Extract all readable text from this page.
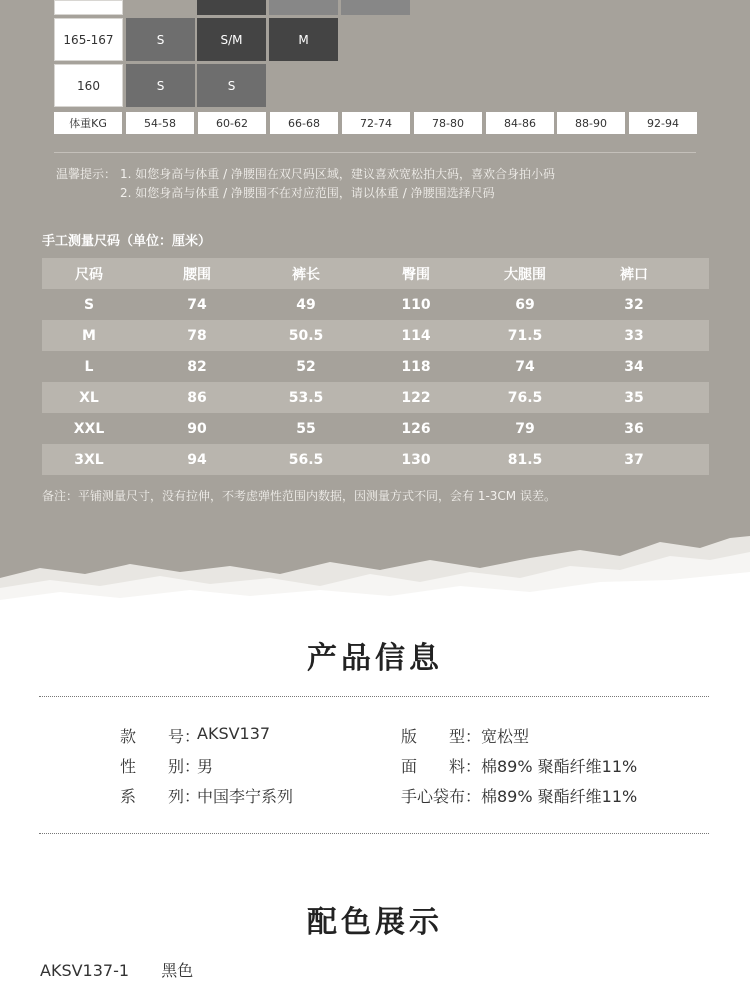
165-167	S	S/M	M
160	S	S
体重KG	54-58	60-62	66-68	72-74	78-80	84-86	88-90	92-94
温馨提示： 1. 如您身高与体重 / 净腰围在双尺码区域，建议喜欢宽松拍大码，喜欢合身拍小码
2. 如您身高与体重 / 净腰围不在对应范围，请以体重 / 净腰围选择尺码
手工测量尺码（单位：厘米）
尺码	腰围	裤长	臀围	大腿围	裤口
S	74	49	110	69	32
M	78	50.5	114	71.5	33
L	82	52	118	74	34
XL	86	53.5	122	76.5	35
XXL	90	55	126	79	36
3XL	94	56.5	130	81.5	37
备注：平铺测量尺寸，没有拉伸，不考虑弹性范围内数据，因测量方式不同，会有 1-3CM 误差。
产品信息
款　　号：
AKSV137
性　　别：
男
系　　列：
中国李宁系列
版　　型： 宽松型
面　　料： 棉89% 聚酯纤维11%
手心袋布： 棉89% 聚酯纤维11%
配色展示
AKSV137-1 黑色
